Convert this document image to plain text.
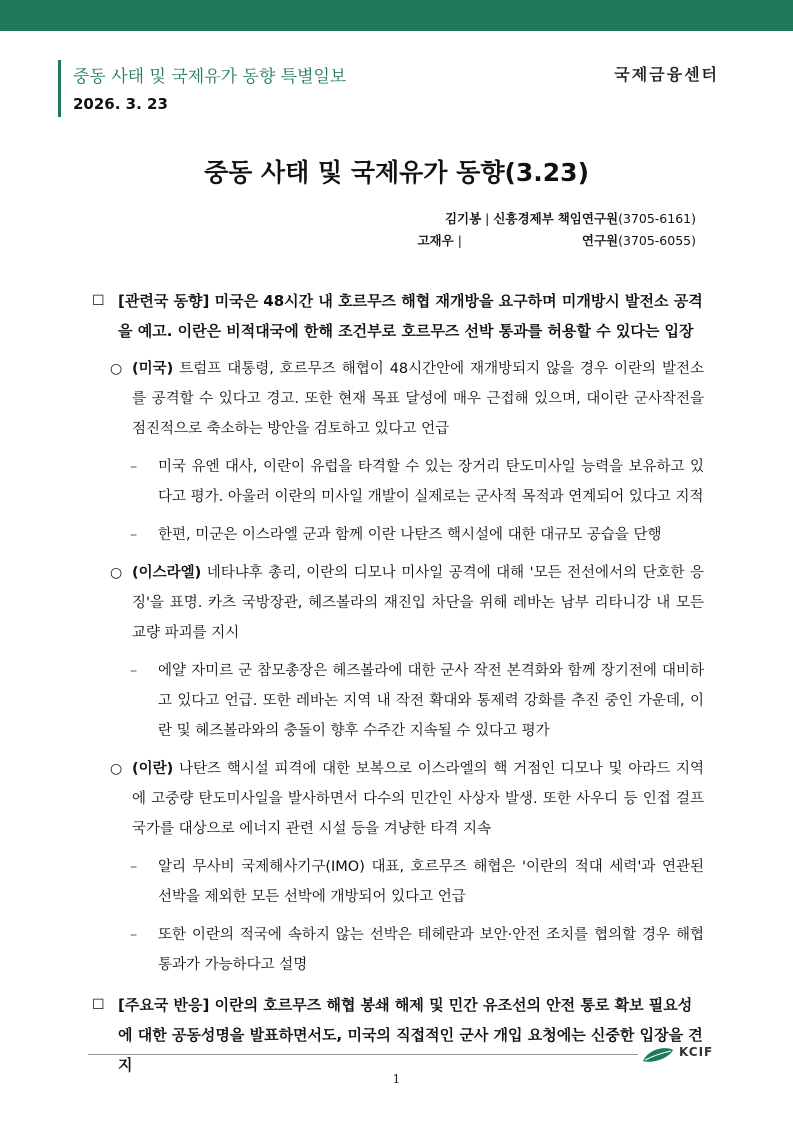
중동 사태 및 국제유가 동향 특별일보
2026. 3. 23
국제금융센터
중동 사태 및 국제유가 동향(3.23)
김기봉 | 신흥경제부 책임연구원(3705-6161)
고재우 |	연구원(3705-6055)
☐ [관련국 동향] 미국은 48시간 내 호르무즈 해협 재개방을 요구하며 미개방시 발전소 공격을 예고. 이란은 비적대국에 한해 조건부로 호르무즈 선박 통과를 허용할 수 있다는 입장
○ (미국) 트럼프 대통령, 호르무즈 해협이 48시간안에 재개방되지 않을 경우 이란의 발전소를 공격할 수 있다고 경고. 또한 현재 목표 달성에 매우 근접해 있으며, 대이란 군사작전을 점진적으로 축소하는 방안을 검토하고 있다고 언급
–	미국 유엔 대사, 이란이 유럽을 타격할 수 있는 장거리 탄도미사일 능력을 보유하고 있다고 평가. 아울러 이란의 미사일 개발이 실제로는 군사적 목적과 연계되어 있다고 지적
–	한편, 미군은 이스라엘 군과 함께 이란 나탄즈 핵시설에 대한 대규모 공습을 단행
○ (이스라엘) 네타냐후 총리, 이란의 디모나 미사일 공격에 대해 '모든 전선에서의 단호한 응징'을 표명. 카츠 국방장관, 헤즈볼라의 재진입 차단을 위해 레바논 남부 리타니강 내 모든 교량 파괴를 지시
–	에얄 자미르 군 참모총장은 헤즈볼라에 대한 군사 작전 본격화와 함께 장기전에 대비하고 있다고 언급. 또한 레바논 지역 내 작전 확대와 통제력 강화를 추진 중인 가운데, 이란 및 헤즈볼라와의 충돌이 향후 수주간 지속될 수 있다고 평가
○ (이란) 나탄즈 핵시설 피격에 대한 보복으로 이스라엘의 핵 거점인 디모나 및 아라드 지역에 고중량 탄도미사일을 발사하면서 다수의 민간인 사상자 발생. 또한 사우디 등 인접 걸프 국가를 대상으로 에너지 관련 시설 등을 겨냥한 타격 지속
–	알리 무사비 국제해사기구(IMO) 대표, 호르무즈 해협은 '이란의 적대 세력'과 연관된 선박을 제외한 모든 선박에 개방되어 있다고 언급
–	또한 이란의 적국에 속하지 않는 선박은 테헤란과 보안·안전 조치를 협의할 경우 해협 통과가 가능하다고 설명
☐ [주요국 반응] 이란의 호르무즈 해협 봉쇄 해제 및 민간 유조선의 안전 통로 확보 필요성에 대한 공동성명을 발표하면서도, 미국의 직접적인 군사 개입 요청에는 신중한 입장을 견지
KCIF
1
